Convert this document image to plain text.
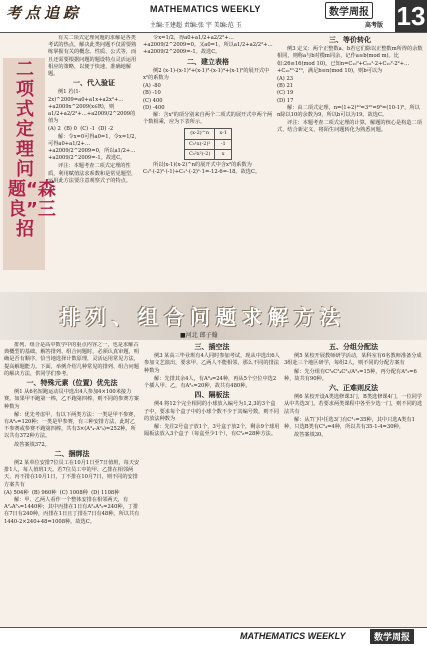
考点追踪	MATHEMATICS WEEKLY	数学周报 13
主编:王建超 责编:张 宇 美编:范 玉	高考版
二项式定理问题“森良”三招

有关二项式定理问题的求解是各类考试的热点，解决此类问题不仅需要熟练掌握有关的概念、性质、公式等，而且还需要根据问题的题设特点灵活运用相应的策略，以便于快速、准确地解题。

一、代入验证

例1 若(1-2x)^2009=a0+a1x+a2x²+…+a2009x^2009(x∈R)，则a1/2+a2/2²+…+a2009/2^2009的值为

(A) 2 (B) 0 (C) -1 (D) -2

解：令x=0可得a0=1，令x=1/2，可得a0+a1/2+…+a2009/2^2009=0，所以a1/2+…+a2009/2^2009=-1。故选C。

评注：本题考查二项式定理的性质，利用赋值法求系数和是常见题型，运用此方法要注意观察式子的特点。

令x=1/2，得a0+a1/2+a2/2²+…+a2009/2^2009=0。又a0=1，所以a1/2+a2/2²+…+a2009/2^2009=-1。故选C。

二、建立表格

例2 (x-1)-(x-1)²+(x-1)³-(x-1)⁴+(x-1)⁵的展开式中x²的系数为

(A) -80
(B) -10
(C) 400
(D) -400

解：含x²的项分别来自两个二项式的展开式中两个两个数相乘，应为下表所示。

(x-2)^n	x-1
C₃¹x(-2)²	-1
C₃²x²(-2)	x

所以(x-1)(x-2)^n的展开式中含x²的系数为 C₃²·(-2)²·(-1)+C₃¹·(-2)¹·1=-12-6=-18。故选C。

三、等价转化

例3 定义：两个正整数a、b若它们除以正整数m所得的余数相同，则称a与b对模m同余，记作a≡b(mod m)。比如:26≡16(mod 10)。已知n=C₁₀⁰+C₁₀¹·2+C₁₀²·2²+…+C₁₀¹⁰·2¹⁰，满足b≡n(mod 10)，则b可以为

(A) 23
(B) 21
(C) 19
(D) 17

解：由二项式定理，n=(1+2)¹⁰=3¹⁰=9⁵=(10-1)⁵，所以n除以10的余数为9，所以b可以为19。故选C。

评注：本题考查二项式定理的计算，解题的核心是构造二项式，结合新定义，将陌生问题转化为熟悉问题。

排列、组合问题求解方法
■河北 郎子翰

排列、组合是高中数学中的重点内容之一，也是求解古典概型的基础。解答排列、组合问题时，必须认真审题，明确是否有顺序，恰当地选择计数原理，灵活运用常见方法，提高解题能力。下面，举例介绍几种常见的排列、组合问题的解决方法，供同学们参考。

一、特殊元素（位置）优先法

例1 从6名短跑运动员中选出4人参加4×100米接力赛。如果甲不跑第一棒，乙不跑第四棒，则不同的参赛方案种数为

解：优先考虑甲，有以下两类方法：一类是甲不参赛，有A⁴₅=120种；一类是甲参赛，有三种安排方法，此时乙不参赛或参赛不跑第四棒，共有3×(A³₄-A²₃)=252种。所以共有372种方法。

故答案填372。

二、捆绑法

例2 某单位安排7位员工在10月1日至7日值班，每天安排1人，每人值班1天。若7位员工中的甲、乙排在相邻两天，丙不排在10月1日，丁不排在10月7日，则不同的安排方案共有

(A) 504种 (B) 960种 (C) 1008种 (D) 1108种

解：甲、乙两人看作一个整体安排在相邻两天，有A²₂A⁵₅=1440种；其中丙排在1日有A²₂A⁴₅=240种，丁排在7日有240种，丙排在1日且丁排在7日有48种。所以共有1440-2×240+48=1008种。故选C。

三、插空法

例3 某高三毕业班有4人同时参加考试，现从中选出6人参加文艺演出，要求甲、乙两人不能相邻，那么不同的排法种数为

解：先排其余4人，有A⁴₄=24种，再从5个空位中选2个插入甲、乙，有A²₅=20种，故共有480种。

四、隔板法

例4 将12个完全相同的小球放入编号为1,2,3的3个盒子中，要求每个盒子中的小球个数不少于其编号数，则不同的放法种数为

解：先往2号盒子放1个，3号盒子放2个，剩余9个球用隔板法放入3个盒子（每盒至少1个），有C²₈=28种方法。

五、分组分配法

例5 某校开展教师研学活动，某科室有6名教师准备分成3组赴三个地区研学，每组2人，则不同的分配方案有

解：先分组有C²₆C²₄C²₂/A³₃=15种，再分配有A³₃=6种，故共有90种。

六、正难则反法

例6 某校开设A类选修课3门，B类选修课4门，一位同学从中共选3门。若要求两类课程中各至少选一门，则不同的选法共有

解：从7门中任选3门有C³₇=35种，其中只选A类有1种，只选B类有C³₄=4种，所以共有35-1-4=30种。

故答案填30。

MATHEMATICS WEEKLY	数学周报
